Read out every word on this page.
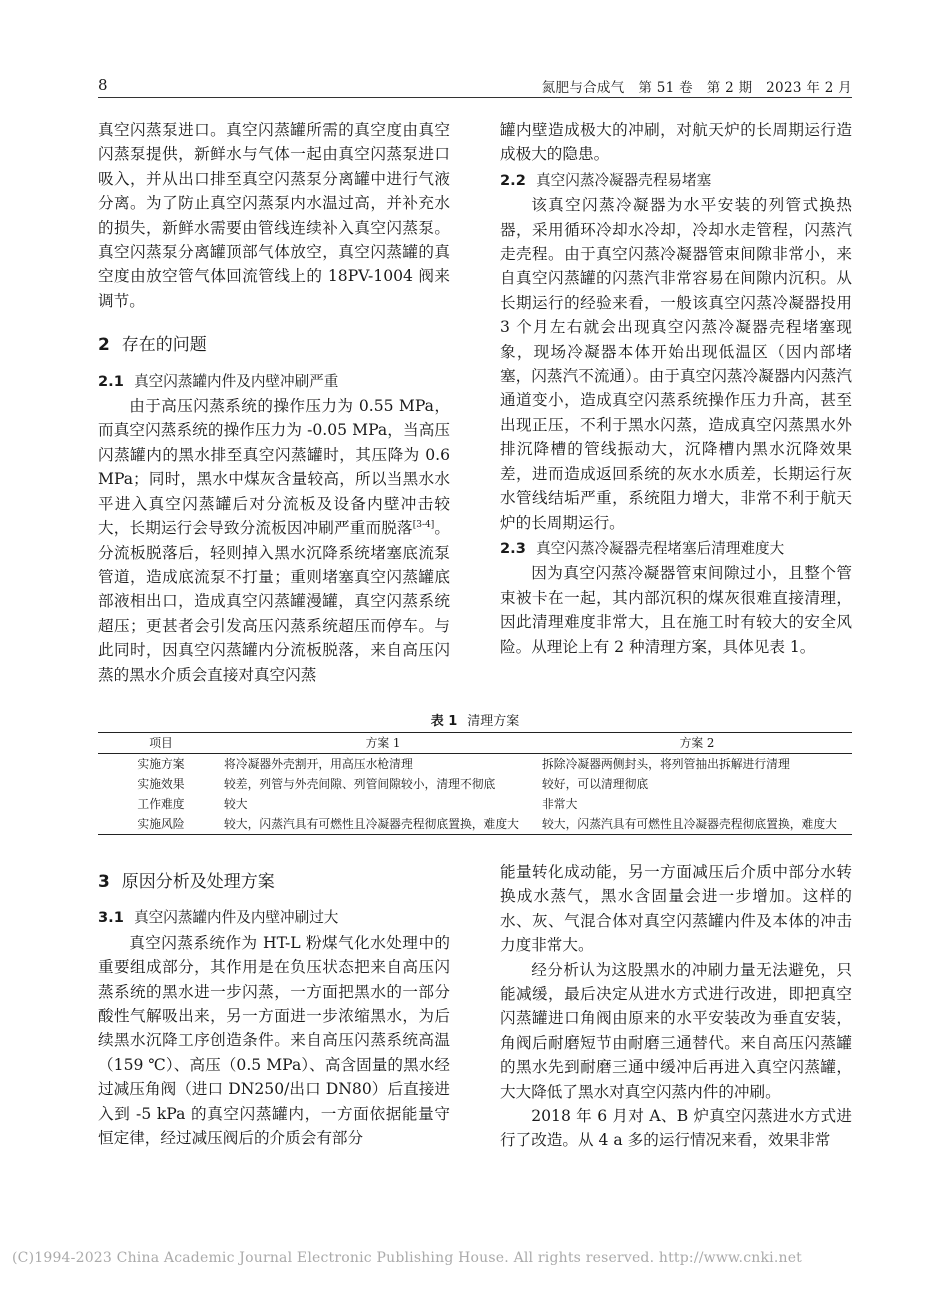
8	氮肥与合成气　第 51 卷　第 2 期　2023 年 2 月

真空闪蒸泵进口。真空闪蒸罐所需的真空度由真空闪蒸泵提供，新鲜水与气体一起由真空闪蒸泵进口吸入，并从出口排至真空闪蒸泵分离罐中进行气液分离。为了防止真空闪蒸泵内水温过高，并补充水的损失，新鲜水需要由管线连续补入真空闪蒸泵。真空闪蒸泵分离罐顶部气体放空，真空闪蒸罐的真空度由放空管气体回流管线上的 18PV-1004 阀来调节。

2 存在的问题

2.1 真空闪蒸罐内件及内壁冲刷严重

由于高压闪蒸系统的操作压力为 0.55 MPa，而真空闪蒸系统的操作压力为 -0.05 MPa，当高压闪蒸罐内的黑水排至真空闪蒸罐时，其压降为 0.6 MPa；同时，黑水中煤灰含量较高，所以当黑水水平进入真空闪蒸罐后对分流板及设备内壁冲击较大，长期运行会导致分流板因冲刷严重而脱落[3-4]。分流板脱落后，轻则掉入黑水沉降系统堵塞底流泵管道，造成底流泵不打量；重则堵塞真空闪蒸罐底部液相出口，造成真空闪蒸罐漫罐，真空闪蒸系统超压；更甚者会引发高压闪蒸系统超压而停车。与此同时，因真空闪蒸罐内分流板脱落，来自高压闪蒸的黑水介质会直接对真空闪蒸

罐内壁造成极大的冲刷，对航天炉的长周期运行造成极大的隐患。

2.2 真空闪蒸冷凝器壳程易堵塞

该真空闪蒸冷凝器为水平安装的列管式换热器，采用循环冷却水冷却，冷却水走管程，闪蒸汽走壳程。由于真空闪蒸冷凝器管束间隙非常小，来自真空闪蒸罐的闪蒸汽非常容易在间隙内沉积。从长期运行的经验来看，一般该真空闪蒸冷凝器投用 3 个月左右就会出现真空闪蒸冷凝器壳程堵塞现象，现场冷凝器本体开始出现低温区（因内部堵塞，闪蒸汽不流通）。由于真空闪蒸冷凝器内闪蒸汽通道变小，造成真空闪蒸系统操作压力升高，甚至出现正压，不利于黑水闪蒸，造成真空闪蒸黑水外排沉降槽的管线振动大，沉降槽内黑水沉降效果差，进而造成返回系统的灰水水质差，长期运行灰水管线结垢严重，系统阻力增大，非常不利于航天炉的长周期运行。

2.3 真空闪蒸冷凝器壳程堵塞后清理难度大

因为真空闪蒸冷凝器管束间隙过小，且整个管束被卡在一起，其内部沉积的煤灰很难直接清理，因此清理难度非常大，且在施工时有较大的安全风险。从理论上有 2 种清理方案，具体见表 1。

表 1 清理方案
项目	方案 1	方案 2
实施方案	将冷凝器外壳割开，用高压水枪清理	拆除冷凝器两侧封头，将列管抽出拆解进行清理
实施效果	较差，列管与外壳间隙、列管间隙较小，清理不彻底	较好，可以清理彻底
工作难度	较大	非常大
实施风险	较大，闪蒸汽具有可燃性且冷凝器壳程彻底置换，难度大	较大，闪蒸汽具有可燃性且冷凝器壳程彻底置换，难度大

3 原因分析及处理方案

3.1 真空闪蒸罐内件及内壁冲刷过大

真空闪蒸系统作为 HT-L 粉煤气化水处理中的重要组成部分，其作用是在负压状态把来自高压闪蒸系统的黑水进一步闪蒸，一方面把黑水的一部分酸性气解吸出来，另一方面进一步浓缩黑水，为后续黑水沉降工序创造条件。来自高压闪蒸系统高温（159 ℃）、高压（0.5 MPa）、高含固量的黑水经过减压角阀（进口 DN250/出口 DN80）后直接进入到 -5 kPa 的真空闪蒸罐内，一方面依据能量守恒定律，经过减压阀后的介质会有部分

能量转化成动能，另一方面减压后介质中部分水转换成水蒸气，黑水含固量会进一步增加。这样的水、灰、气混合体对真空闪蒸罐内件及本体的冲击力度非常大。

经分析认为这股黑水的冲刷力量无法避免，只能减缓，最后决定从进水方式进行改进，即把真空闪蒸罐进口角阀由原来的水平安装改为垂直安装，角阀后耐磨短节由耐磨三通替代。来自高压闪蒸罐的黑水先到耐磨三通中缓冲后再进入真空闪蒸罐，大大降低了黑水对真空闪蒸内件的冲刷。

2018 年 6 月对 A、B 炉真空闪蒸进水方式进行了改造。从 4 a 多的运行情况来看，效果非常

(C)1994-2023 China Academic Journal Electronic Publishing House. All rights reserved. http://www.cnki.net
